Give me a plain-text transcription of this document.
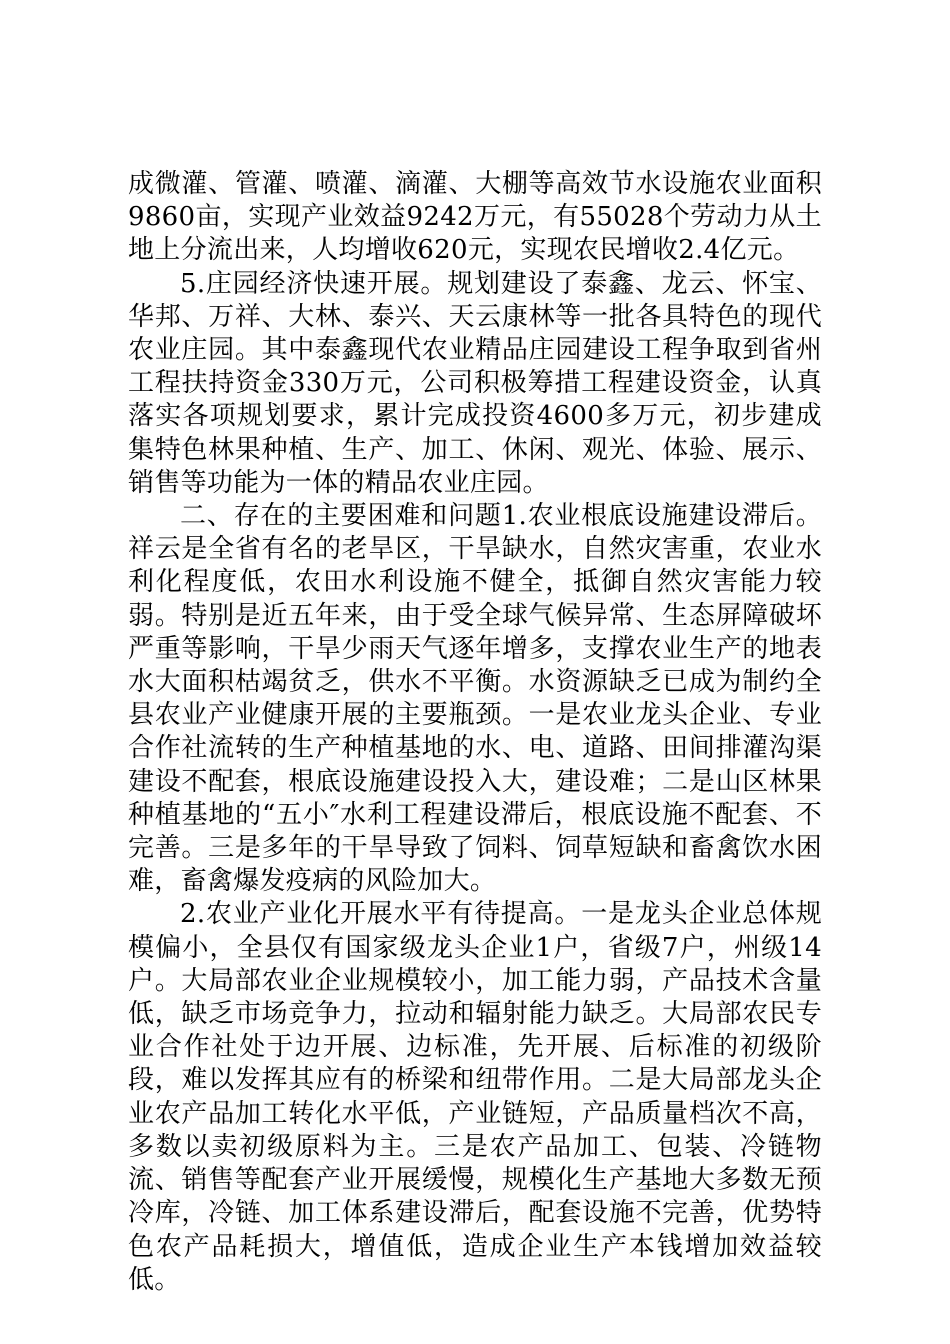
成微灌、管灌、喷灌、滴灌、大棚等高效节水设施农业面积9860亩，实现产业效益9242万元，有55028个劳动力从土地上分流出来，人均增收620元，实现农民增收2.4亿元。

5.庄园经济快速开展。规划建设了泰鑫、龙云、怀宝、华邦、万祥、大林、泰兴、天云康林等一批各具特色的现代农业庄园。其中泰鑫现代农业精品庄园建设工程争取到省州工程扶持资金330万元，公司积极筹措工程建设资金，认真落实各项规划要求，累计完成投资4600多万元，初步建成集特色林果种植、生产、加工、休闲、观光、体验、展示、销售等功能为一体的精品农业庄园。

二、存在的主要困难和问题1.农业根底设施建设滞后。祥云是全省有名的老旱区，干旱缺水，自然灾害重，农业水利化程度低，农田水利设施不健全，抵御自然灾害能力较弱。特别是近五年来，由于受全球气候异常、生态屏障破坏严重等影响，干旱少雨天气逐年增多，支撑农业生产的地表水大面积枯竭贫乏，供水不平衡。水资源缺乏已成为制约全县农业产业健康开展的主要瓶颈。一是农业龙头企业、专业合作社流转的生产种植基地的水、电、道路、田间排灌沟渠建设不配套，根底设施建设投入大，建设难；二是山区林果种植基地的“五小″水利工程建设滞后，根底设施不配套、不完善。三是多年的干旱导致了饲料、饲草短缺和畜禽饮水困难，畜禽爆发疫病的风险加大。

2.农业产业化开展水平有待提高。一是龙头企业总体规模偏小，全县仅有国家级龙头企业1户，省级7户，州级14户。大局部农业企业规模较小，加工能力弱，产品技术含量低，缺乏市场竞争力，拉动和辐射能力缺乏。大局部农民专业合作社处于边开展、边标准，先开展、后标准的初级阶段，难以发挥其应有的桥梁和纽带作用。二是大局部龙头企业农产品加工转化水平低，产业链短，产品质量档次不高，多数以卖初级原料为主。三是农产品加工、包装、冷链物流、销售等配套产业开展缓慢，规模化生产基地大多数无预冷库，冷链、加工体系建设滞后，配套设施不完善，优势特色农产品耗损大，增值低，造成企业生产本钱增加效益较低。
